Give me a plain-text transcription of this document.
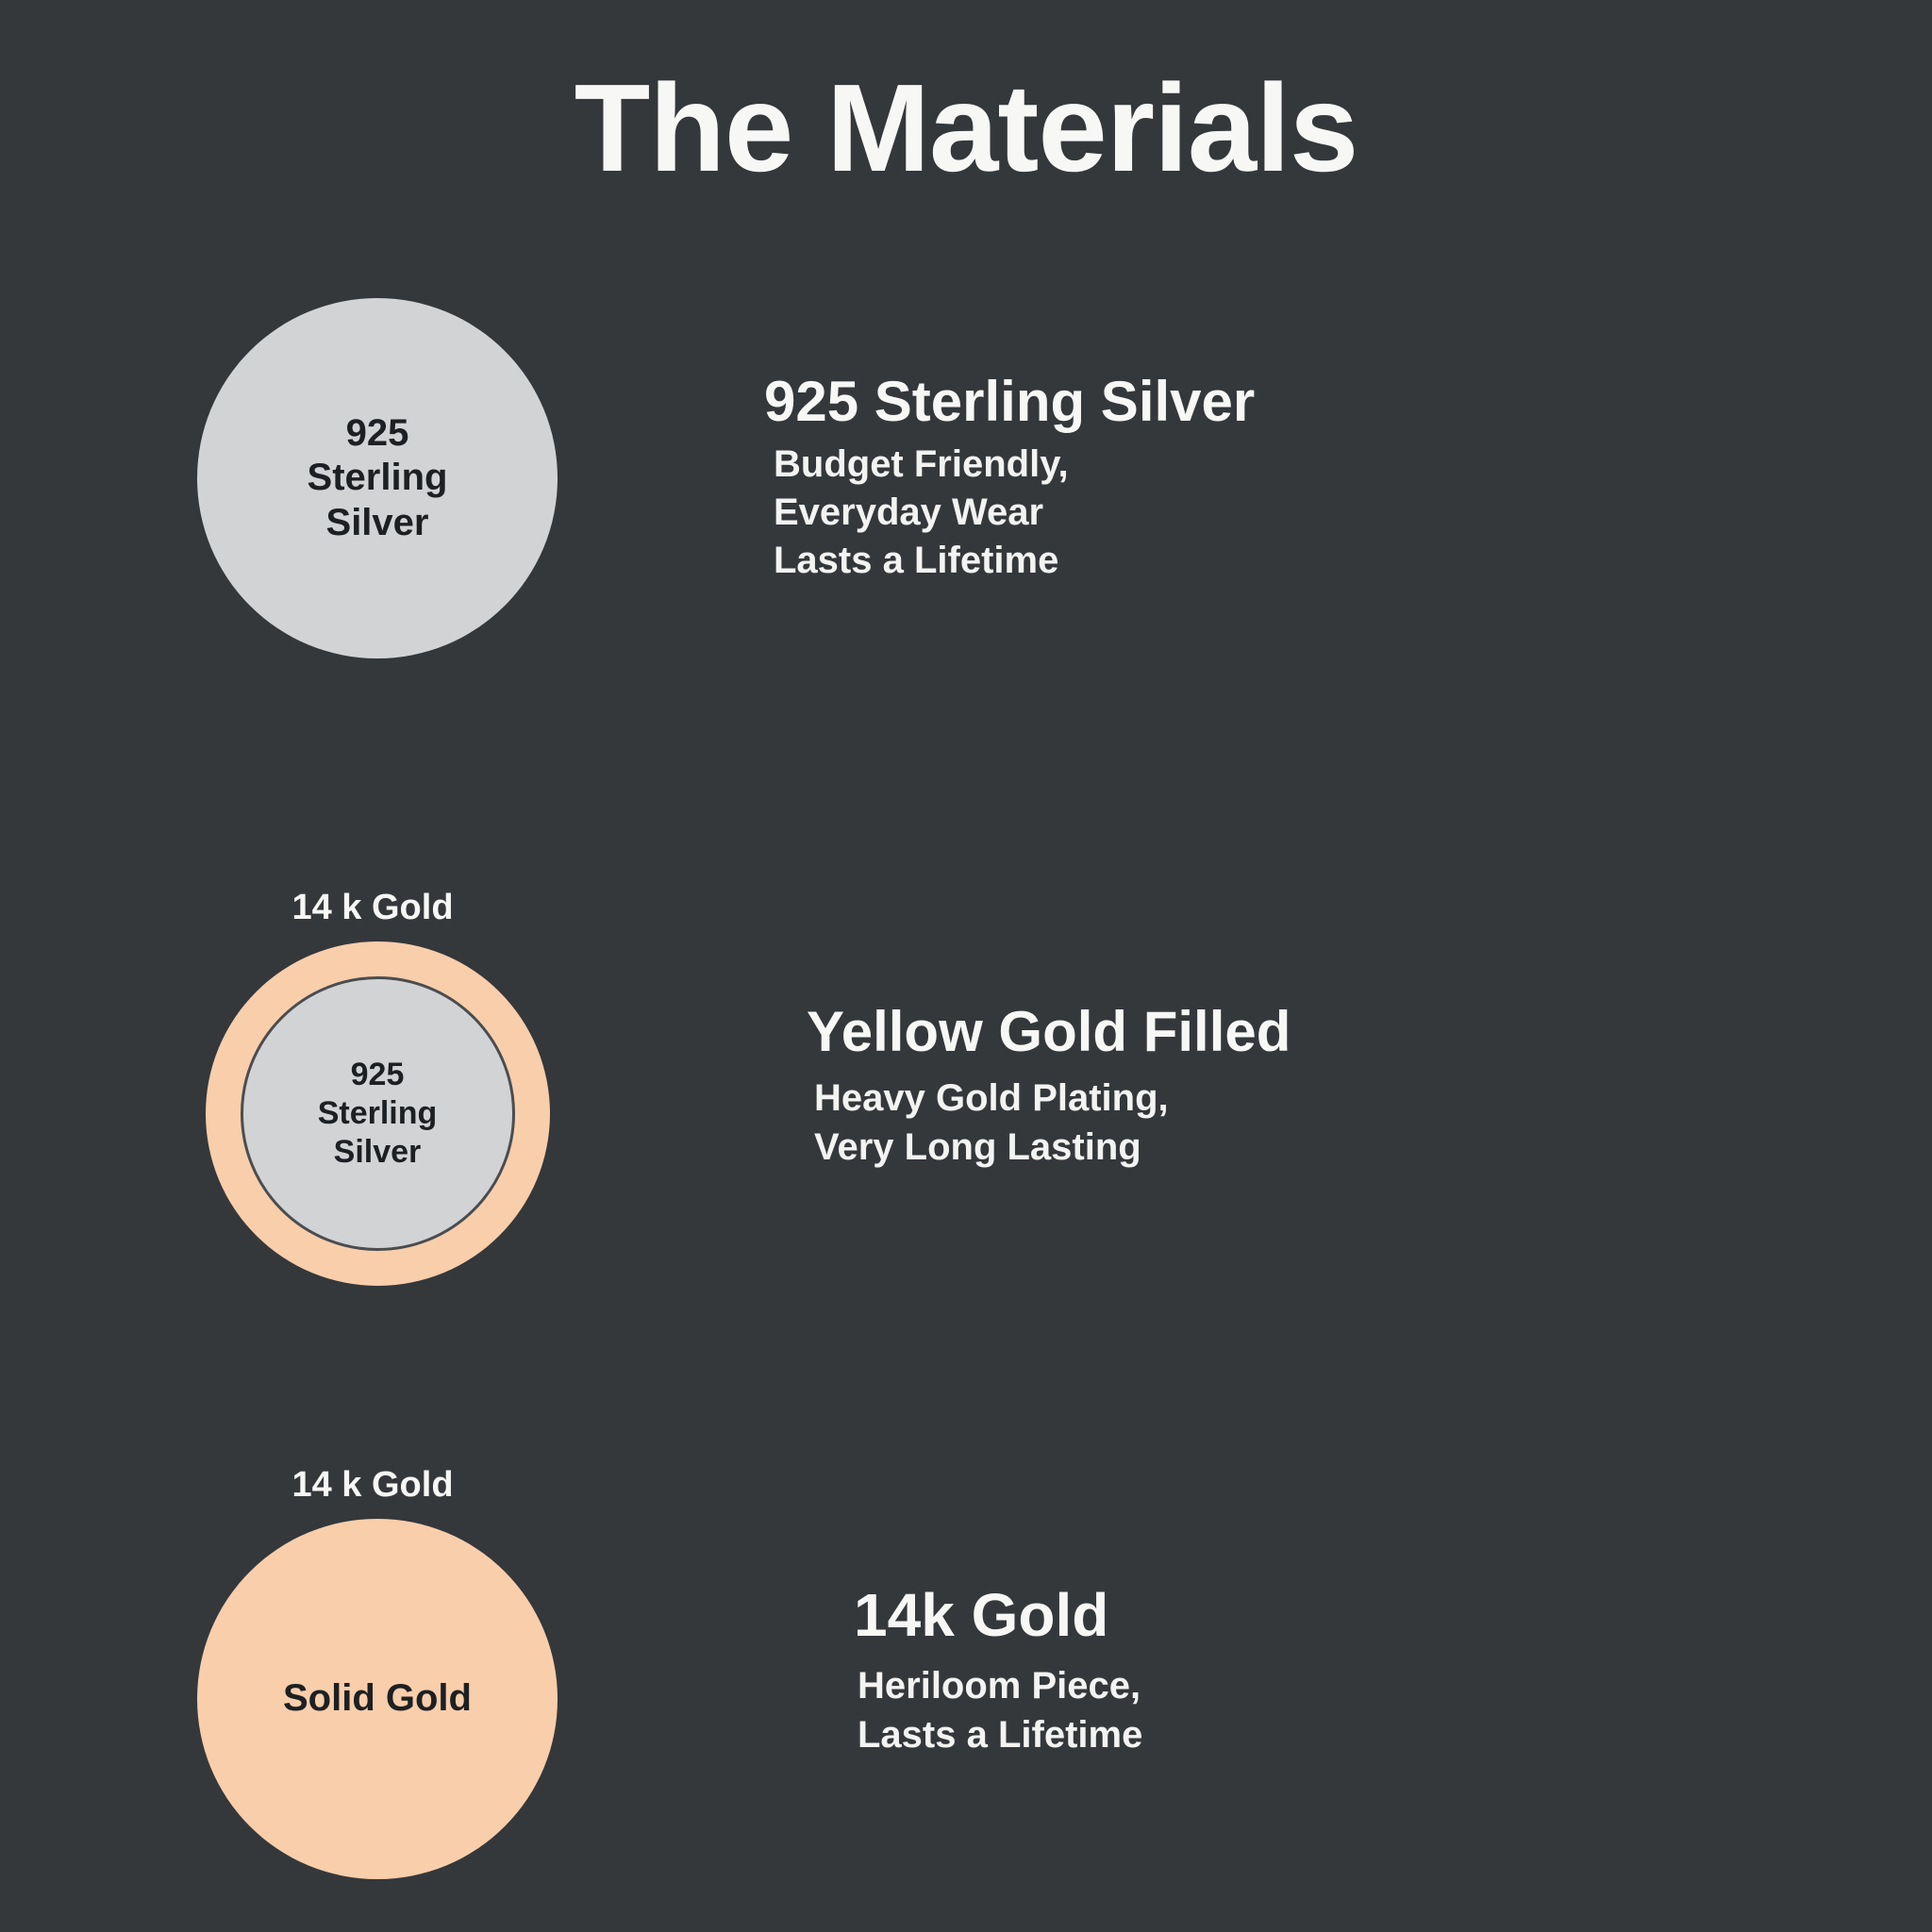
The Materials
925
Sterling
Silver
925 Sterling Silver
Budget Friendly,
Everyday Wear
Lasts a Lifetime
14 k Gold
925
Sterling
Silver
Yellow Gold Filled
Heavy Gold Plating,
Very Long Lasting
14 k Gold
Solid Gold
14k Gold
Heriloom Piece,
Lasts a Lifetime
